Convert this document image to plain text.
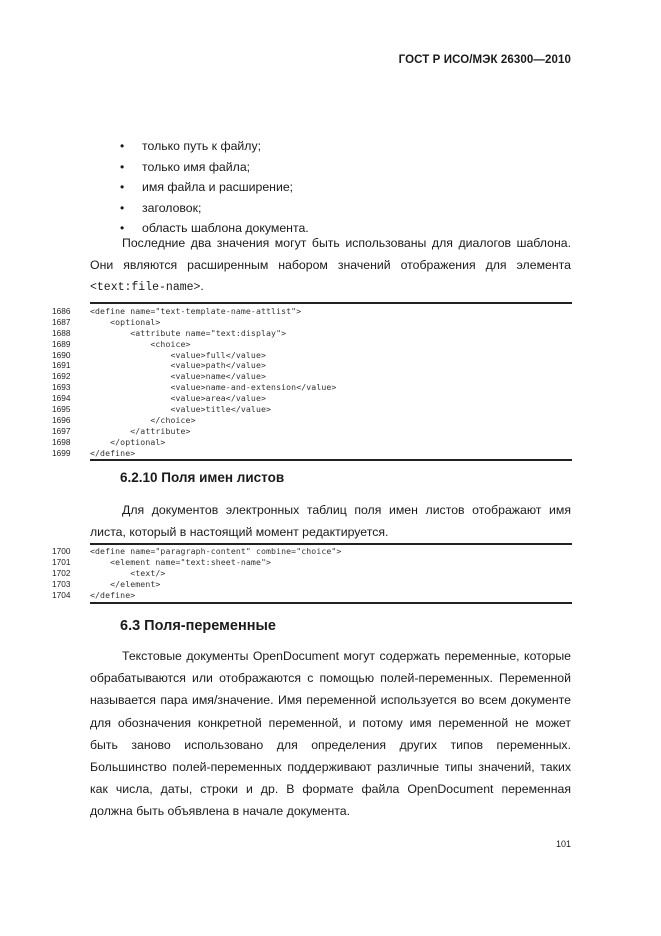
ГОСТ Р ИСО/МЭК 26300—2010
• только путь к файлу;
• только имя файла;
• имя файла и расширение;
• заголовок;
• область шаблона документа.
Последние два значения могут быть использованы для диалогов шаблона.
Они являются расширенным набором значений отображения для элемента
<text:file-name>.
1686 <define name="text-template-name-attlist">
1687 <optional>
1688 <attribute name="text:display">
1689 <choice>
1690 <value>full</value>
1691 <value>path</value>
1692 <value>name</value>
1693 <value>name-and-extension</value>
1694 <value>area</value>
1695 <value>title</value>
1696 </choice>
1697 </attribute>
1698 </optional>
1699 </define>
6.2.10 Поля имен листов

Для документов электронных таблиц поля имен листов отображают имя листа, который в настоящий момент редактируется.

1700 <define name="paragraph-content" combine="choice">
1701 <element name="text:sheet-name">
1702 <text/>
1703 </element>
1704 </define>
6.3 Поля-переменные

Текстовые документы OpenDocument могут содержать переменные, которые обрабатываются или отображаются с помощью полей-переменных. Переменной называется пара имя/значение. Имя переменной используется во всем документе для обозначения конкретной переменной, и потому имя переменной не может быть заново использовано для определения других типов переменных. Большинство полей-переменных поддерживают различные типы значений, таких как числа, даты, строки и др. В формате файла OpenDocument переменная должна быть объявлена в начале документа.

101
